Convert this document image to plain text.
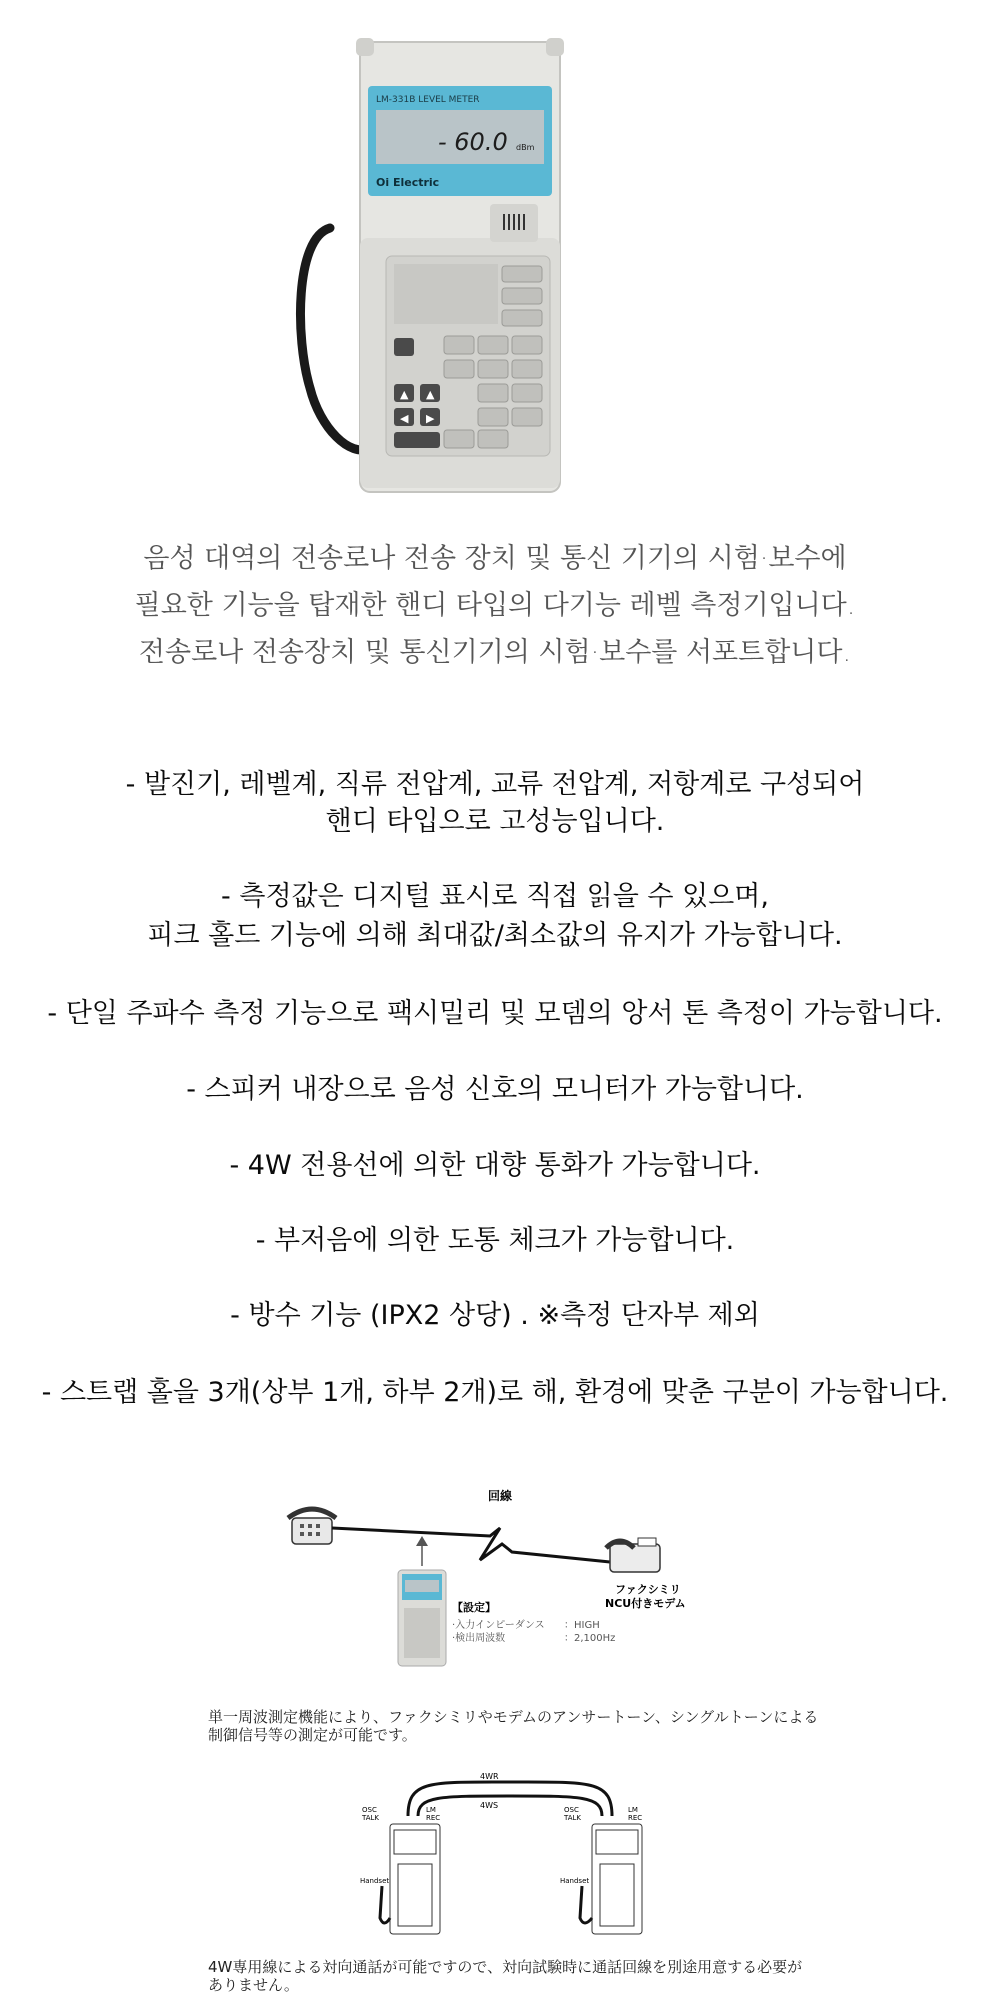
LM-331B LEVEL METER
- 60.0 dBm
Oi Electric
▲ ▲
◀ ▶
음성 대역의 전송로나 전송 장치 및 통신 기기의 시험·보수에
필요한 기능을 탑재한 핸디 타입의 다기능 레벨 측정기입니다.
전송로나 전송장치 및 통신기기의 시험·보수를 서포트합니다.
- 발진기, 레벨계, 직류 전압계, 교류 전압계, 저항계로 구성되어
핸디 타입으로 고성능입니다.
- 측정값은 디지털 표시로 직접 읽을 수 있으며,
피크 홀드 기능에 의해 최대값/최소값의 유지가 가능합니다.
- 단일 주파수 측정 기능으로 팩시밀리 및 모뎀의 앙서 톤 측정이 가능합니다.
- 스피커 내장으로 음성 신호의 모니터가 가능합니다.
- 4W 전용선에 의한 대향 통화가 가능합니다.
- 부저음에 의한 도통 체크가 가능합니다.
- 방수 기능 (IPX2 상당) . ※측정 단자부 제외
- 스트랩 홀을 3개(상부 1개, 하부 2개)로 해, 환경에 맞춘 구분이 가능합니다.
回線
ファクシミリ
NCU付きモデム
【設定】
·入力インピーダンス ：HIGH
·検出周波数	：2,100Hz
単一周波測定機能により、ファクシミリやモデムのアンサートーン、シングルトーンによる
制御信号等の測定が可能です。
4WR
4WS
OSC
TALK
LM
REC
OSC
TALK
LM
REC
Handset	Handset
4W専用線による対向通話が可能ですので、対向試験時に通話回線を別途用意する必要が
ありません。
